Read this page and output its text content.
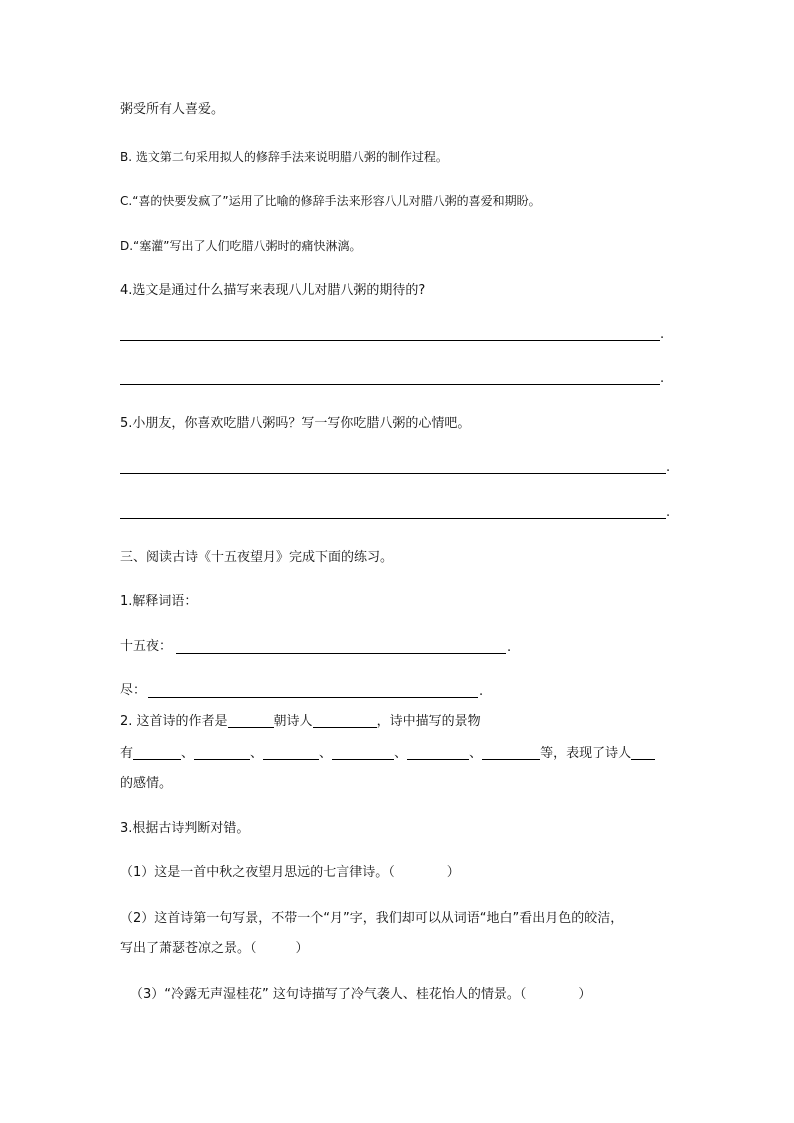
粥受所有人喜爱。
B. 选文第二句采用拟人的修辞手法来说明腊八粥的制作过程。
C.“喜的快要发疯了”运用了比喻的修辞手法来形容八儿对腊八粥的喜爱和期盼。
D.“塞灌”写出了人们吃腊八粥时的痛快淋漓。
4.选文是通过什么描写来表现八儿对腊八粥的期待的?
.
.
5.小朋友，你喜欢吃腊八粥吗？写一写你吃腊八粥的心情吧。
.
.
三、阅读古诗《十五夜望月》完成下面的练习。
1.解释词语：
十五夜：	.
尽：	.
2. 这首诗的作者是	朝诗人	，诗中描写的景物
有	、	、	、	、	、	等，表现了诗人
的感情。
3.根据古诗判断对错。
（1）这是一首中秋之夜望月思远的七言律诗。（　　　　）
（2）这首诗第一句写景，不带一个“月”字，我们却可以从词语“地白”看出月色的皎洁，
写出了萧瑟苍凉之景。（　　　）
（3）“冷露无声湿桂花” 这句诗描写了冷气袭人、桂花怡人的情景。（　　　　）
